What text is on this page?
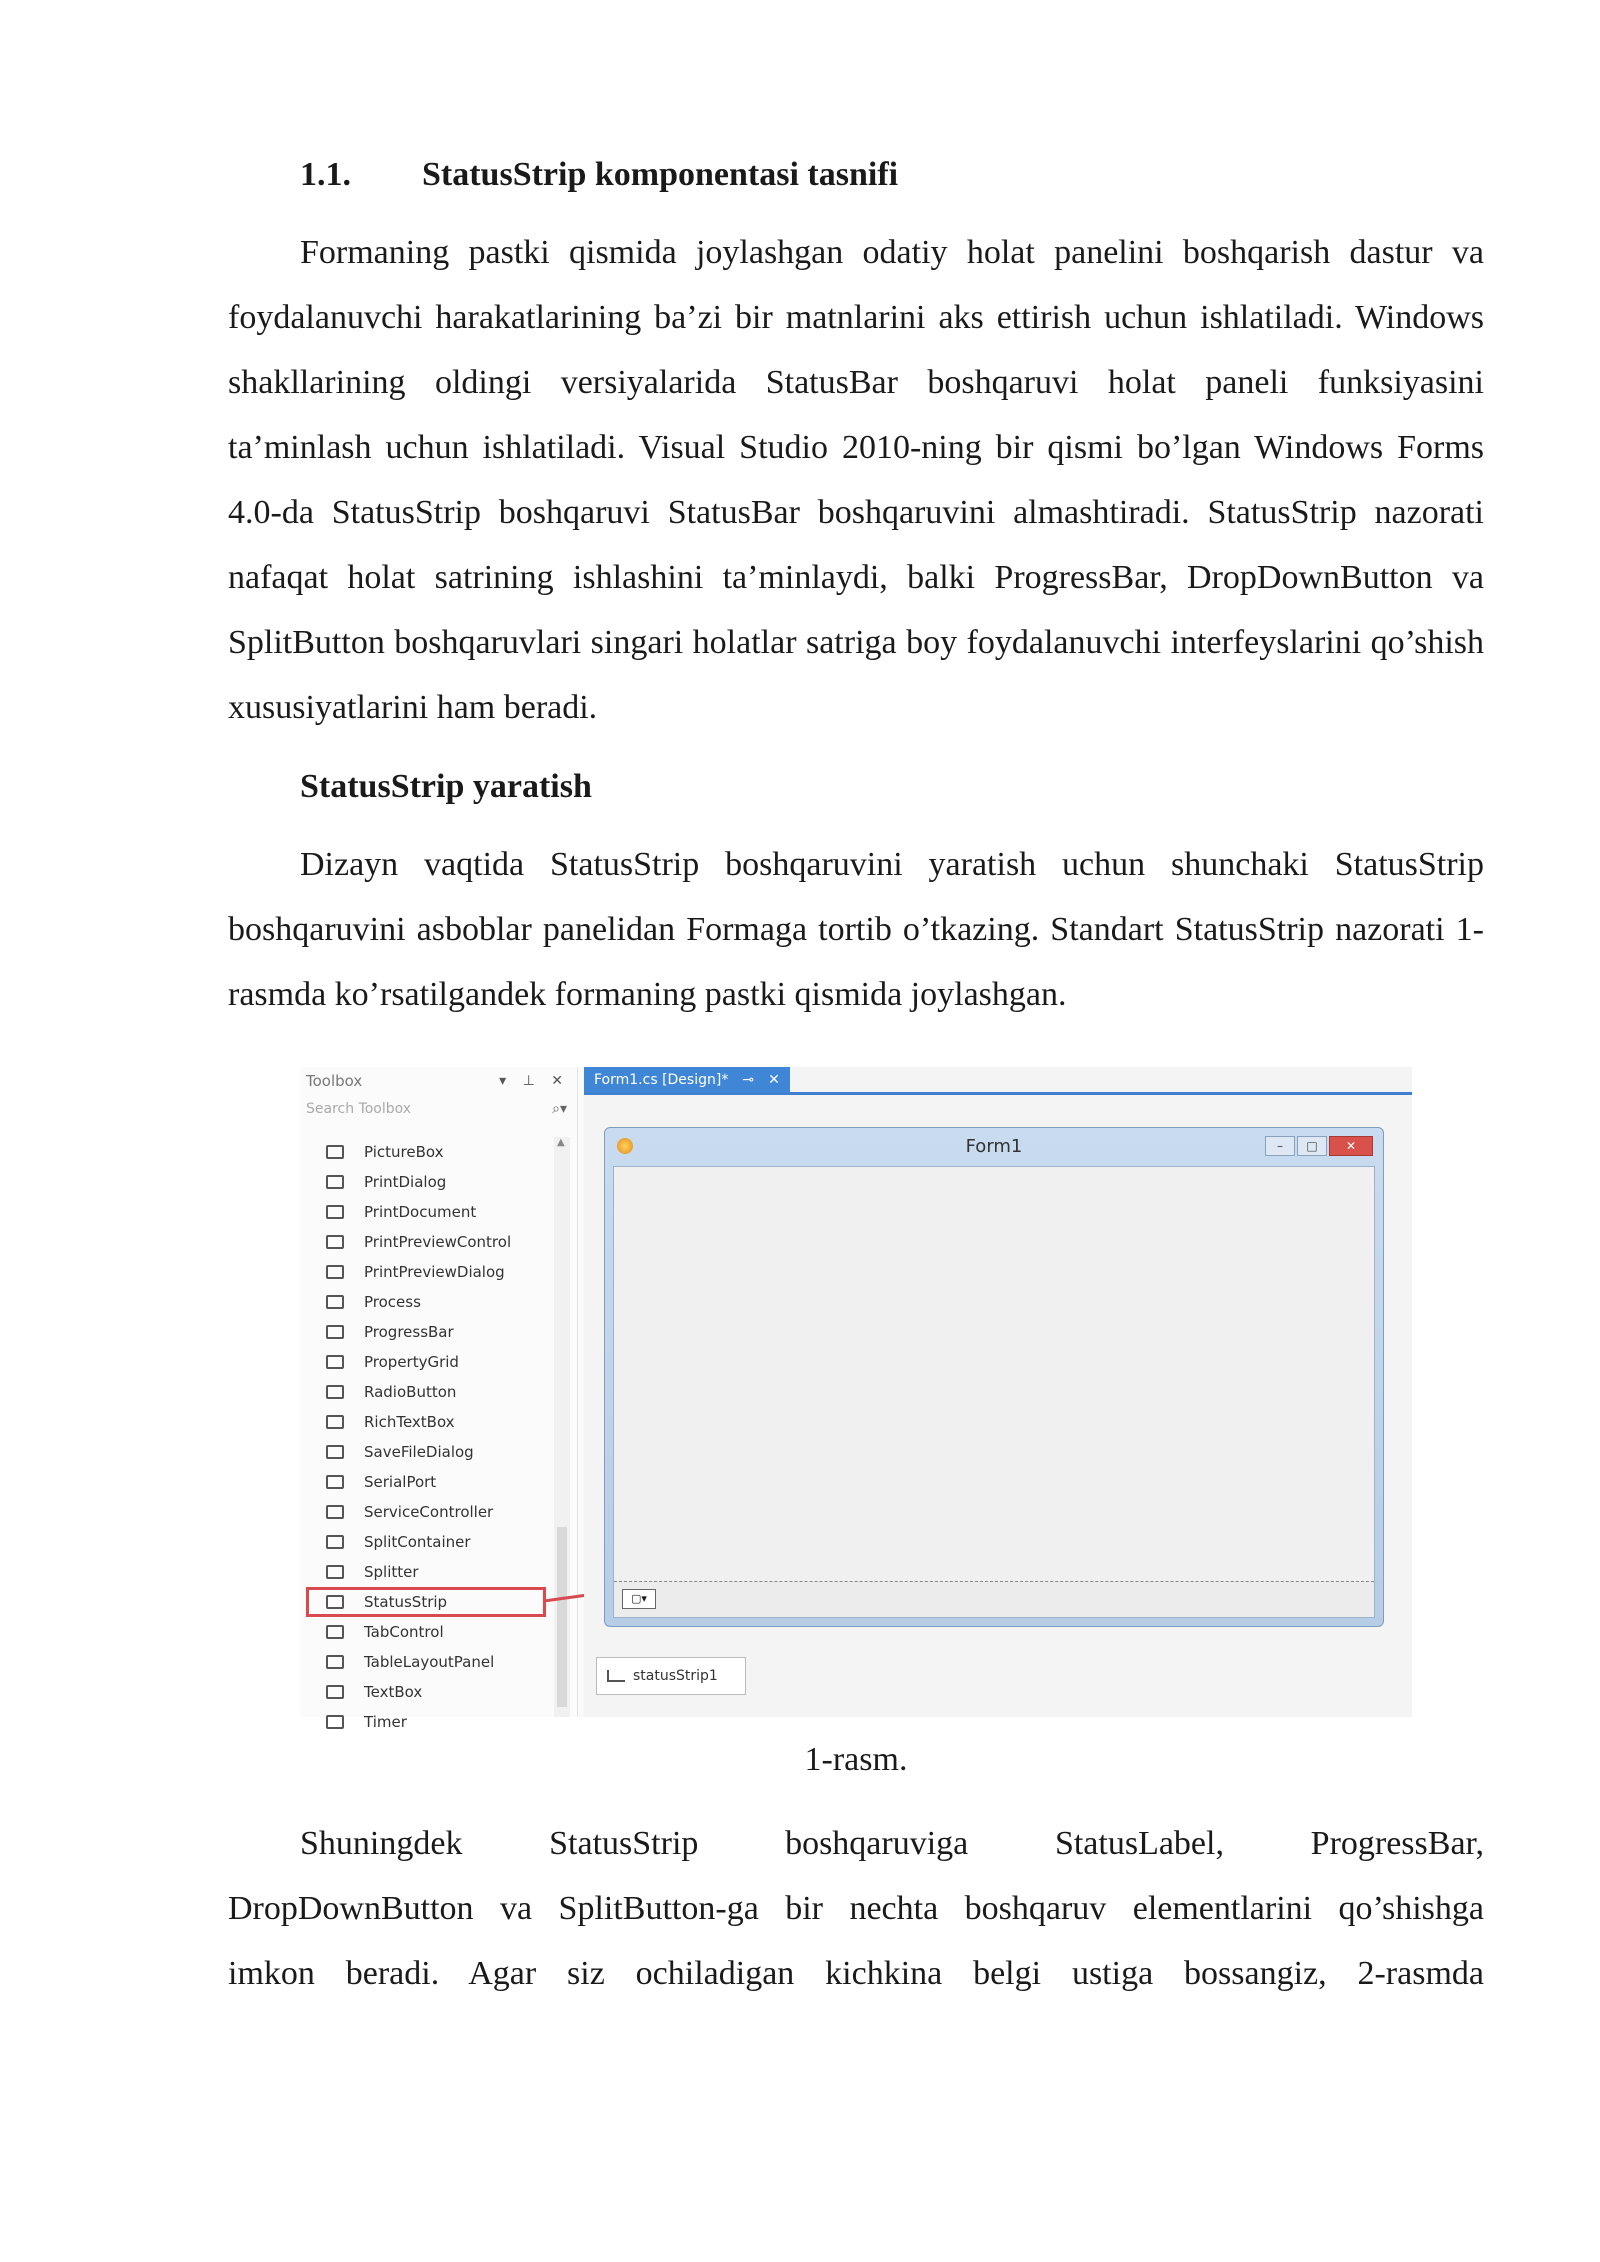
1.1.	StatusStrip komponentasi tasnifi

Formaning pastki qismida joylashgan odatiy holat panelini boshqarish dastur va foydalanuvchi harakatlarining ba’zi bir matnlarini aks ettirish uchun ishlatiladi. Windows shakllarining oldingi versiyalarida StatusBar boshqaruvi holat paneli funksiyasini ta’minlash uchun ishlatiladi. Visual Studio 2010-ning bir qismi bo’lgan Windows Forms 4.0-da StatusStrip boshqaruvi StatusBar boshqaruvini almashtiradi. StatusStrip nazorati nafaqat holat satrining ishlashini ta’minlaydi, balki ProgressBar, DropDownButton va SplitButton boshqaruvlari singari holatlar satriga boy foydalanuvchi interfeyslarini qo’shish xususiyatlarini ham beradi.

StatusStrip yaratish

Dizayn vaqtida StatusStrip boshqaruvini yaratish uchun shunchaki StatusStrip boshqaruvini asboblar panelidan Formaga tortib o’tkazing. Standart StatusStrip nazorati 1-rasmda ko’rsatilgandek formaning pastki qismida joylashgan.

Toolbox	▾ ⊥ ✕
Search Toolbox	⌕▾
PictureBox
PrintDialog
PrintDocument
PrintPreviewControl
PrintPreviewDialog
Process
ProgressBar
PropertyGrid
RadioButton
RichTextBox
SaveFileDialog
SerialPort
ServiceController
SplitContainer
Splitter
StatusStrip
TabControl
TableLayoutPanel
TextBox
Timer
▲
Form1.cs [Design]* ⊸ ✕
Form1	–	□	✕
▢▾
statusStrip1
1-rasm.
Shuningdek StatusStrip boshqaruviga StatusLabel, ProgressBar,
DropDownButton va SplitButton-ga bir nechta boshqaruv elementlarini qo’shishga
imkon beradi. Agar siz ochiladigan kichkina belgi ustiga bossangiz, 2-rasmda
